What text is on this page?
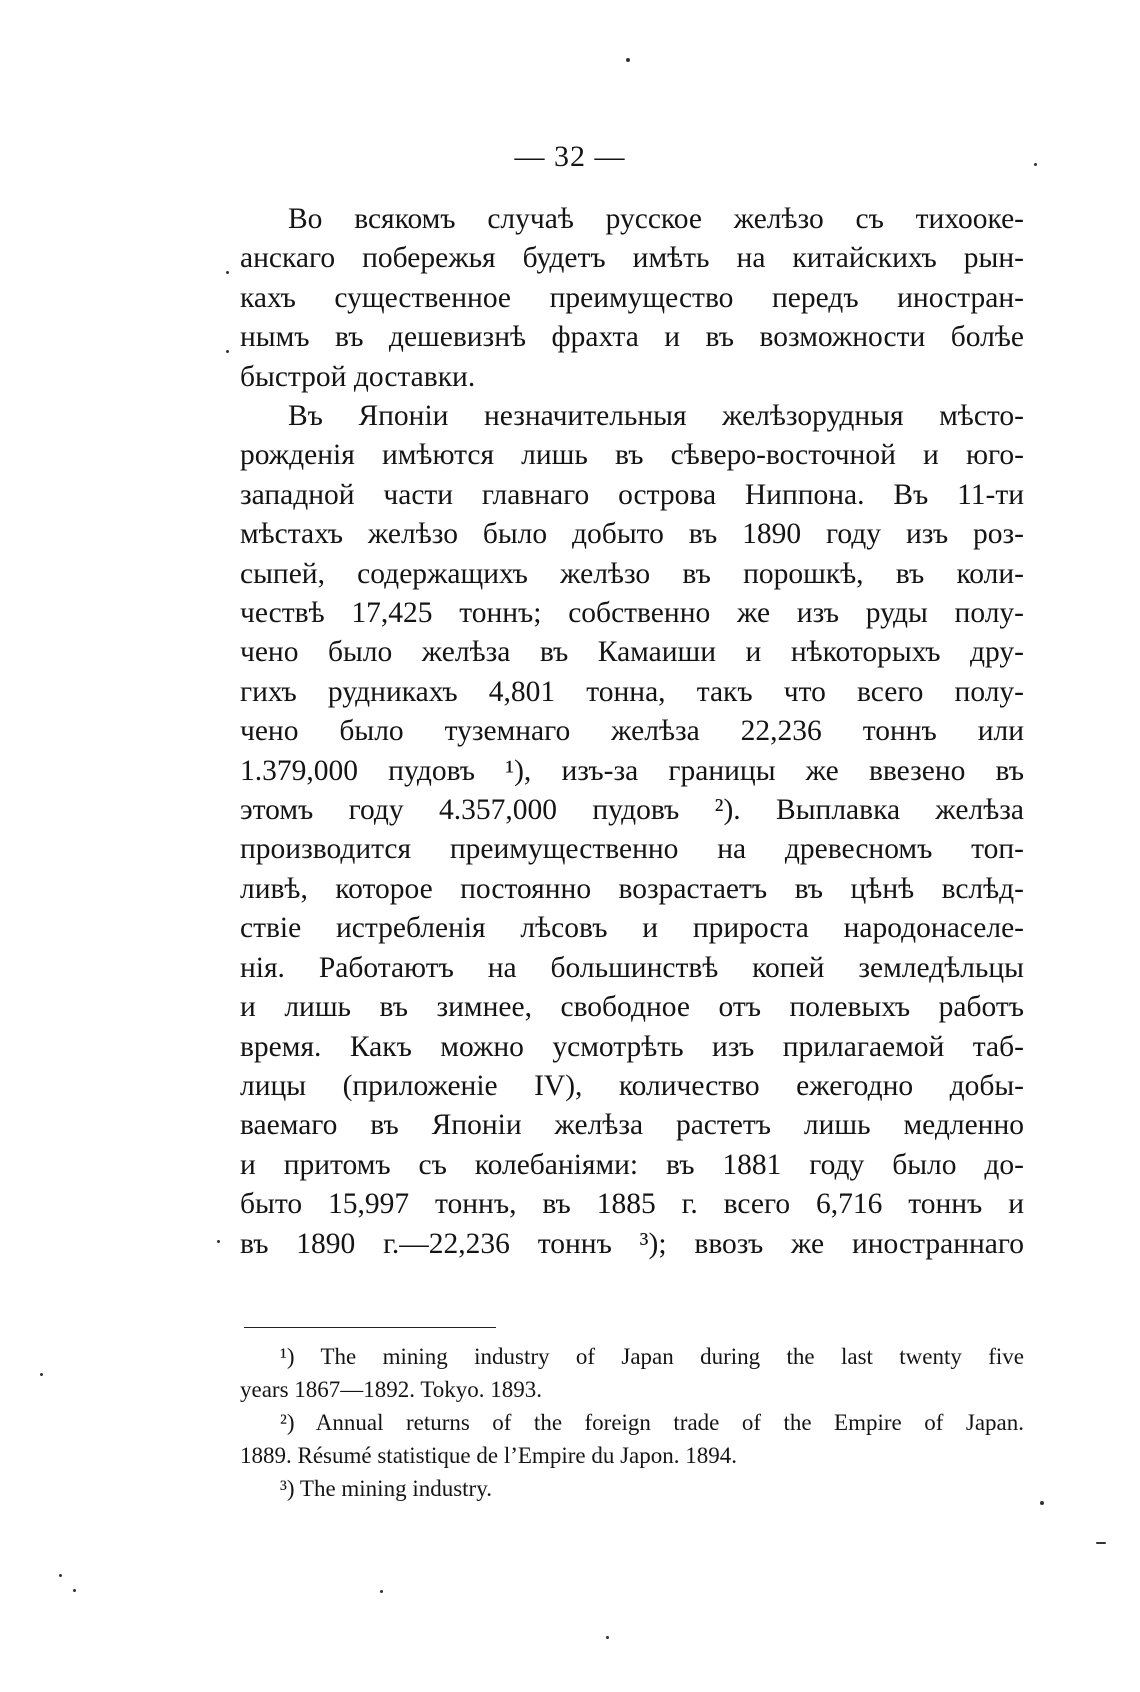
— 32 —
Во всякомъ случаѣ русское желѣзо съ тихооке-
анскаго побережья будетъ имѣть на китайскихъ рын-
кахъ существенное преимущество передъ иностран-
нымъ въ дешевизнѣ фрахта и въ возможности болѣе
быстрой доставки.
Въ Японіи незначительныя желѣзорудныя мѣсто-
рожденія имѣются лишь въ сѣверо-восточной и юго-
западной части главнаго острова Ниппона. Въ 11-ти
мѣстахъ желѣзо было добыто въ 1890 году изъ роз-
сыпей, содержащихъ желѣзо въ порошкѣ, въ коли-
чествѣ 17,425 тоннъ; собственно же изъ руды полу-
чено было желѣза въ Камаиши и нѣкоторыхъ дру-
гихъ рудникахъ 4,801 тонна, такъ что всего полу-
чено было туземнаго желѣза 22,236 тоннъ или
1.379,000 пудовъ ¹), изъ-за границы же ввезено въ
этомъ году 4.357,000 пудовъ ²). Выплавка желѣза
производится преимущественно на древесномъ топ-
ливѣ, которое постоянно возрастаетъ въ цѣнѣ вслѣд-
ствіе истребленія лѣсовъ и прироста народонаселе-
нія. Работаютъ на большинствѣ копей земледѣльцы
и лишь въ зимнее, свободное отъ полевыхъ работъ
время. Какъ можно усмотрѣть изъ прилагаемой таб-
лицы (приложеніе IV), количество ежегодно добы-
ваемаго въ Японіи желѣза растетъ лишь медленно
и притомъ съ колебаніями: въ 1881 году было до-
быто 15,997 тоннъ, въ 1885 г. всего 6,716 тоннъ и
въ 1890 г.—22,236 тоннъ ³); ввозъ же иностраннаго
¹) The mining industry of Japan during the last twenty five
years 1867—1892. Tokyo. 1893.
²) Annual returns of the foreign trade of the Empire of Japan.
1889. Résumé statistique de l’Empire du Japon. 1894.
³) The mining industry.
